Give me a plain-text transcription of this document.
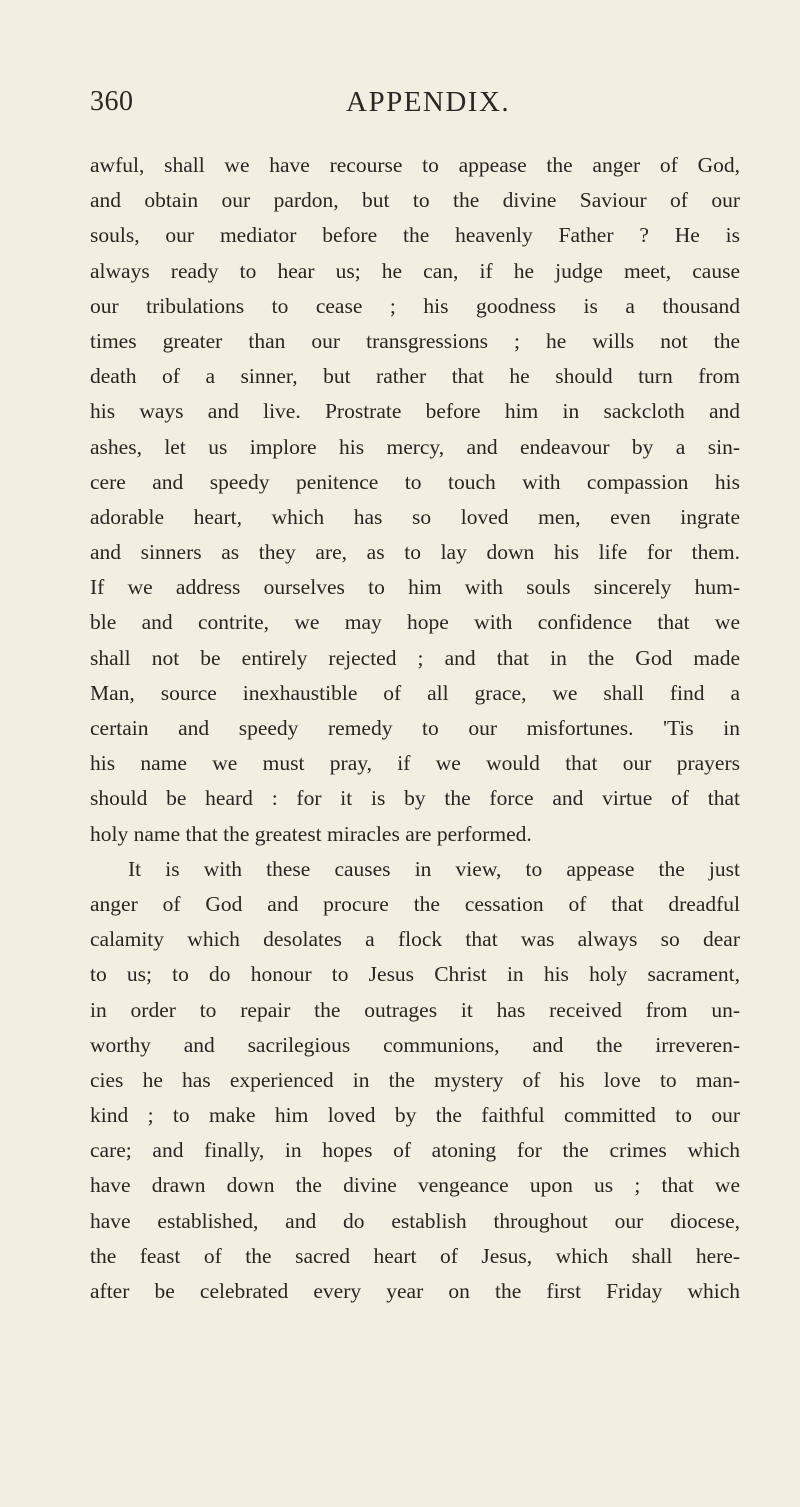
360	APPENDIX.
awful, shall we have recourse to appease the anger of God,
and obtain our pardon, but to the divine Saviour of our
souls, our mediator before the heavenly Father ? He is
always ready to hear us; he can, if he judge meet, cause
our tribulations to cease ; his goodness is a thousand
times greater than our transgressions ; he wills not the
death of a sinner, but rather that he should turn from
his ways and live. Prostrate before him in sackcloth and
ashes, let us implore his mercy, and endeavour by a sin-
cere and speedy penitence to touch with compassion his
adorable heart, which has so loved men, even ingrate
and sinners as they are, as to lay down his life for them.
If we address ourselves to him with souls sincerely hum-
ble and contrite, we may hope with confidence that we
shall not be entirely rejected ; and that in the God made
Man, source inexhaustible of all grace, we shall find a
certain and speedy remedy to our misfortunes. 'Tis in
his name we must pray, if we would that our prayers
should be heard : for it is by the force and virtue of that
holy name that the greatest miracles are performed.
It is with these causes in view, to appease the just
anger of God and procure the cessation of that dreadful
calamity which desolates a flock that was always so dear
to us; to do honour to Jesus Christ in his holy sacrament,
in order to repair the outrages it has received from un-
worthy and sacrilegious communions, and the irreveren-
cies he has experienced in the mystery of his love to man-
kind ; to make him loved by the faithful committed to our
care; and finally, in hopes of atoning for the crimes which
have drawn down the divine vengeance upon us ; that we
have established, and do establish throughout our diocese,
the feast of the sacred heart of Jesus, which shall here-
after be celebrated every year on the first Friday which
